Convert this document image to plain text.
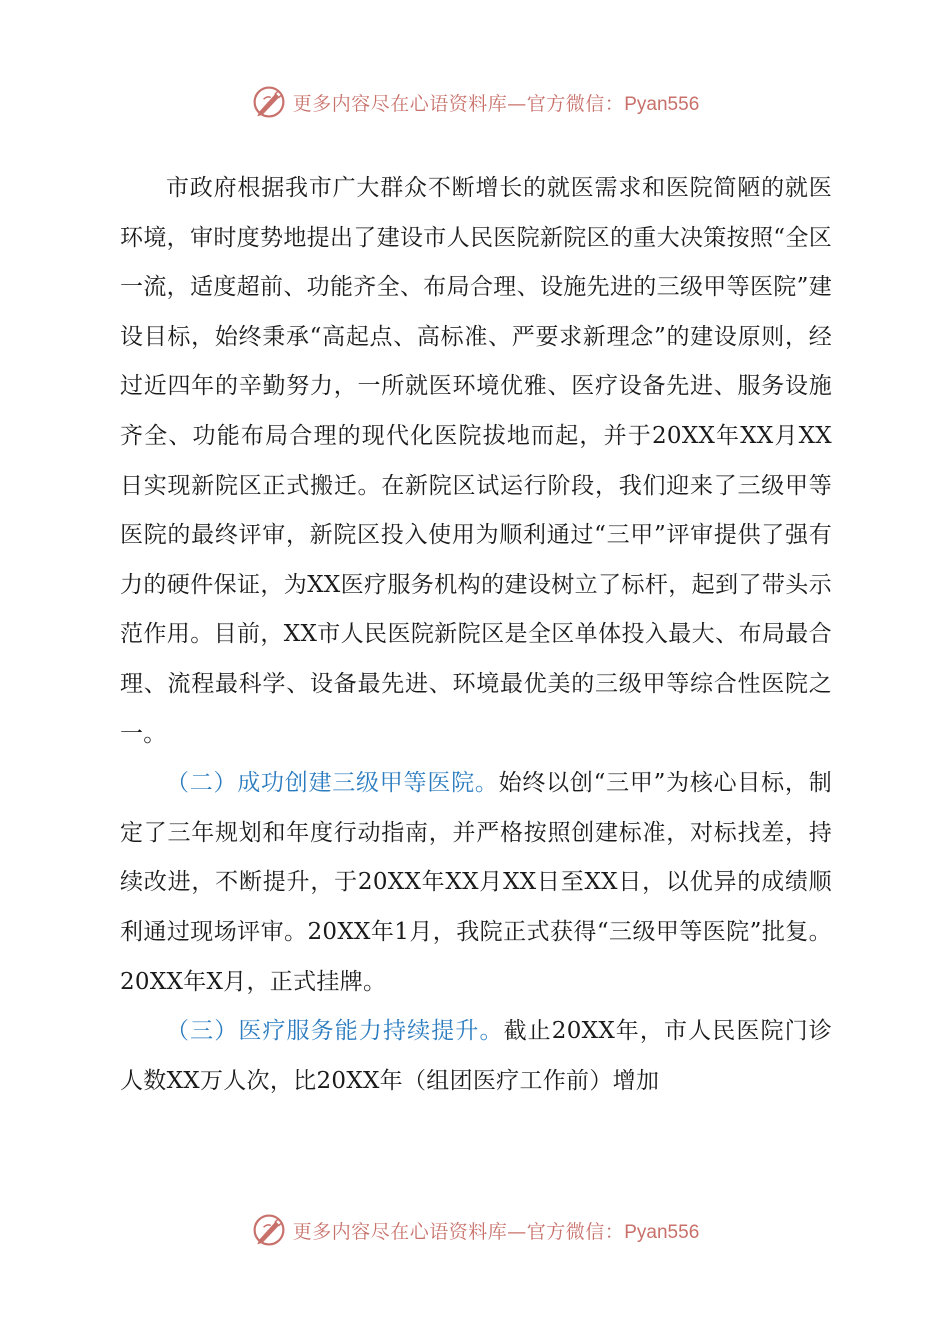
更多内容尽在心语资料库—官方微信：Pyan556

市政府根据我市广大群众不断增长的就医需求和医院简陋的就医环境，审时度势地提出了建设市人民医院新院区的重大决策按照“全区一流，适度超前、功能齐全、布局合理、设施先进的三级甲等医院”建设目标，始终秉承“高起点、高标准、严要求新理念”的建设原则，经过近四年的辛勤努力，一所就医环境优雅、医疗设备先进、服务设施齐全、功能布局合理的现代化医院拔地而起，并于20XX年XX月XX日实现新院区正式搬迁。在新院区试运行阶段，我们迎来了三级甲等医院的最终评审，新院区投入使用为顺利通过“三甲”评审提供了强有力的硬件保证，为XX医疗服务机构的建设树立了标杆，起到了带头示范作用。目前，XX市人民医院新院区是全区单体投入最大、布局最合理、流程最科学、设备最先进、环境最优美的三级甲等综合性医院之一。

（二）成功创建三级甲等医院。始终以创“三甲”为核心目标，制定了三年规划和年度行动指南，并严格按照创建标准，对标找差，持续改进，不断提升，于20XX年XX月XX日至XX日，以优异的成绩顺利通过现场评审。20XX年1月，我院正式获得“三级甲等医院”批复。20XX年X月，正式挂牌。

（三）医疗服务能力持续提升。截止20XX年，市人民医院门诊人数XX万人次，比20XX年（组团医疗工作前）增加

更多内容尽在心语资料库—官方微信：Pyan556
